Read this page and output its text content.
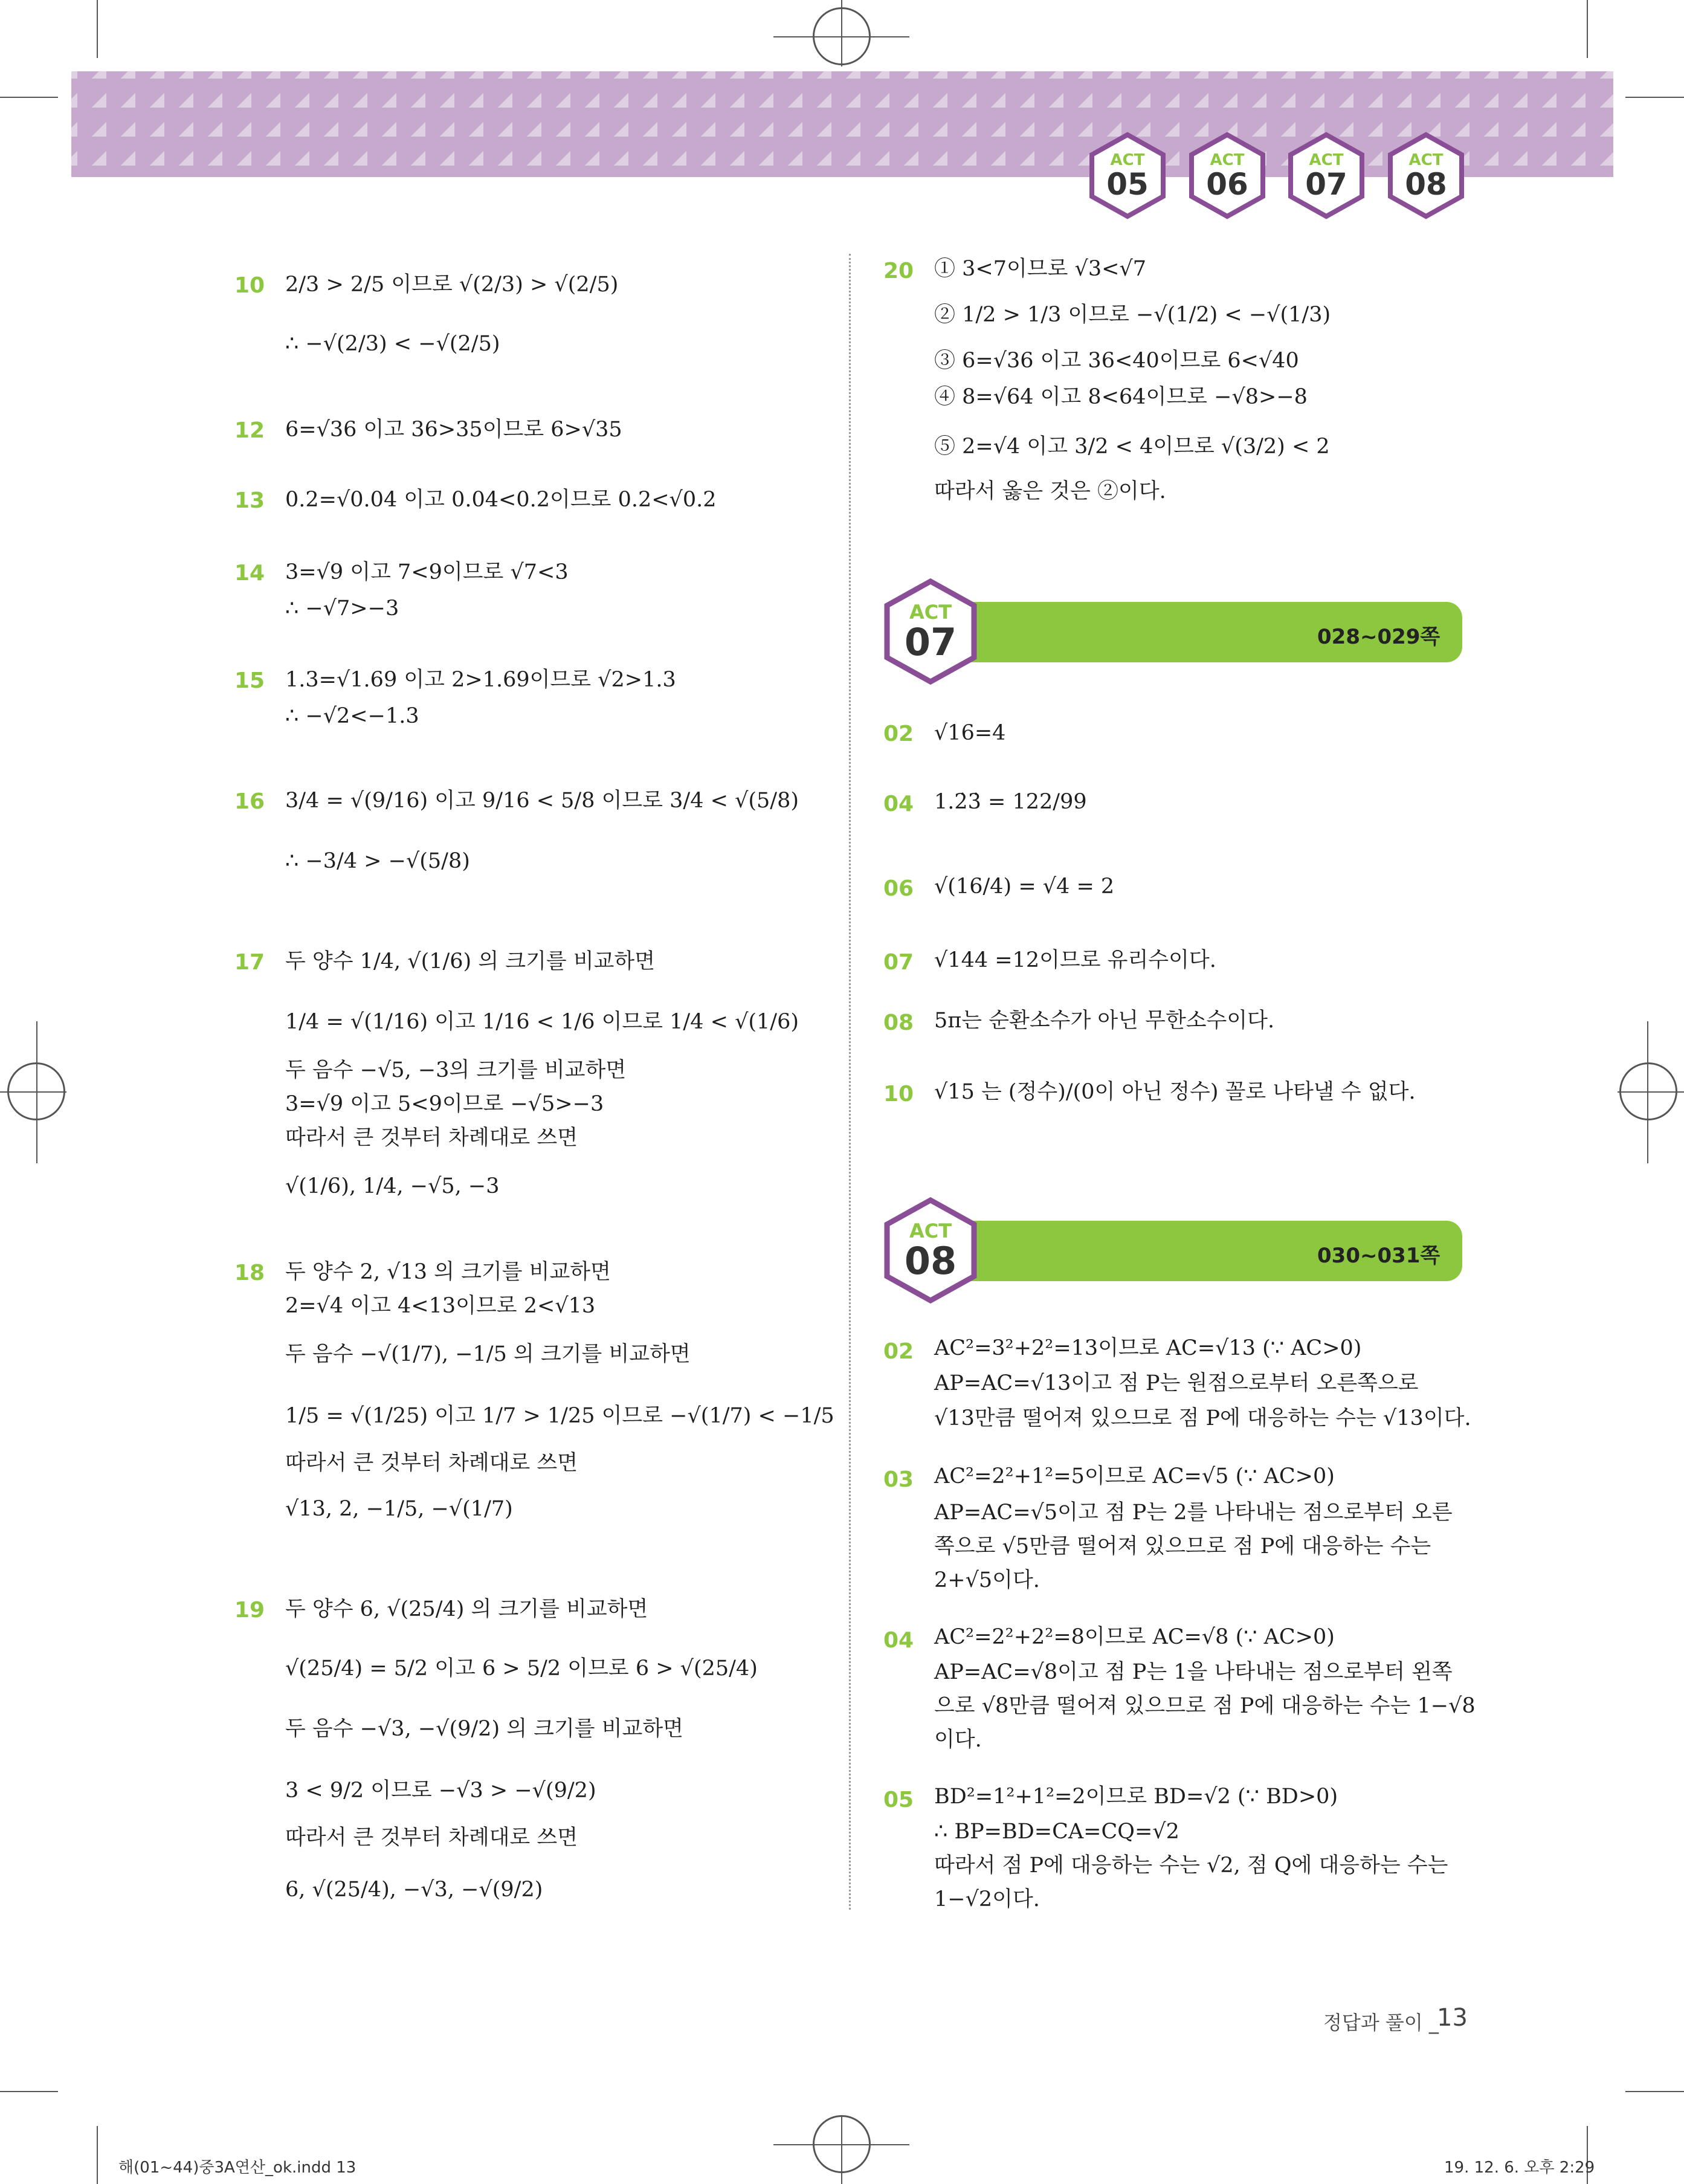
ACT
05
ACT
06
ACT
07
ACT
08
10 2/3 > 2/5 이므로 √(2/3) > √(2/5)
∴ −√(2/3) < −√(2/5)
12 6=√36 이고 36>35이므로 6>√35
13 0.2=√0.04 이고 0.04<0.2이므로 0.2<√0.2
14 3=√9 이고 7<9이므로 √7<3
∴ −√7>−3
15 1.3=√1.69 이고 2>1.69이므로 √2>1.3
∴ −√2<−1.3
16 3/4 = √(9/16) 이고 9/16 < 5/8 이므로 3/4 < √(5/8)
∴ −3/4 > −√(5/8)
17 두 양수 1/4, √(1/6) 의 크기를 비교하면
1/4 = √(1/16) 이고 1/16 < 1/6 이므로 1/4 < √(1/6)
두 음수 −√5, −3의 크기를 비교하면
3=√9 이고 5<9이므로 −√5>−3
따라서 큰 것부터 차례대로 쓰면
√(1/6), 1/4, −√5, −3
18 두 양수 2, √13 의 크기를 비교하면
2=√4 이고 4<13이므로 2<√13
두 음수 −√(1/7), −1/5 의 크기를 비교하면
1/5 = √(1/25) 이고 1/7 > 1/25 이므로 −√(1/7) < −1/5
따라서 큰 것부터 차례대로 쓰면
√13, 2, −1/5, −√(1/7)
19 두 양수 6, √(25/4) 의 크기를 비교하면
√(25/4) = 5/2 이고 6 > 5/2 이므로 6 > √(25/4)
두 음수 −√3, −√(9/2) 의 크기를 비교하면
3 < 9/2 이므로 −√3 > −√(9/2)
따라서 큰 것부터 차례대로 쓰면
6, √(25/4), −√3, −√(9/2)
20 ① 3<7이므로 √3<√7
② 1/2 > 1/3 이므로 −√(1/2) < −√(1/3)
③ 6=√36 이고 36<40이므로 6<√40
④ 8=√64 이고 8<64이므로 −√8>−8
⑤ 2=√4 이고 3/2 < 4이므로 √(3/2) < 2
따라서 옳은 것은 ②이다.
028~029쪽
ACT
07
02 √16=4
04 1.2̇3̇ = 122/99
06 √(16/4) = √4 = 2
07 √144 =12이므로 유리수이다.
08 5π는 순환소수가 아닌 무한소수이다.
10 √15 는 (정수)/(0이 아닌 정수) 꼴로 나타낼 수 없다.
030~031쪽
ACT
08
02 AC²=3²+2²=13이므로 AC=√13 (∵ AC>0)
AP=AC=√13이고 점 P는 원점으로부터 오른쪽으로
√13만큼 떨어져 있으므로 점 P에 대응하는 수는 √13이다.
03 AC²=2²+1²=5이므로 AC=√5 (∵ AC>0)
AP=AC=√5이고 점 P는 2를 나타내는 점으로부터 오른
쪽으로 √5만큼 떨어져 있으므로 점 P에 대응하는 수는
2+√5이다.
04 AC²=2²+2²=8이므로 AC=√8 (∵ AC>0)
AP=AC=√8이고 점 P는 1을 나타내는 점으로부터 왼쪽
으로 √8만큼 떨어져 있으므로 점 P에 대응하는 수는 1−√8
이다.
05 BD²=1²+1²=2이므로 BD=√2 (∵ BD>0)
∴ BP=BD=CA=CQ=√2
따라서 점 P에 대응하는 수는 √2, 점 Q에 대응하는 수는
1−√2이다.
정답과 풀이 _
13
해(01~44)중3A연산_ok.indd 13	19. 12. 6. 오후 2:29
